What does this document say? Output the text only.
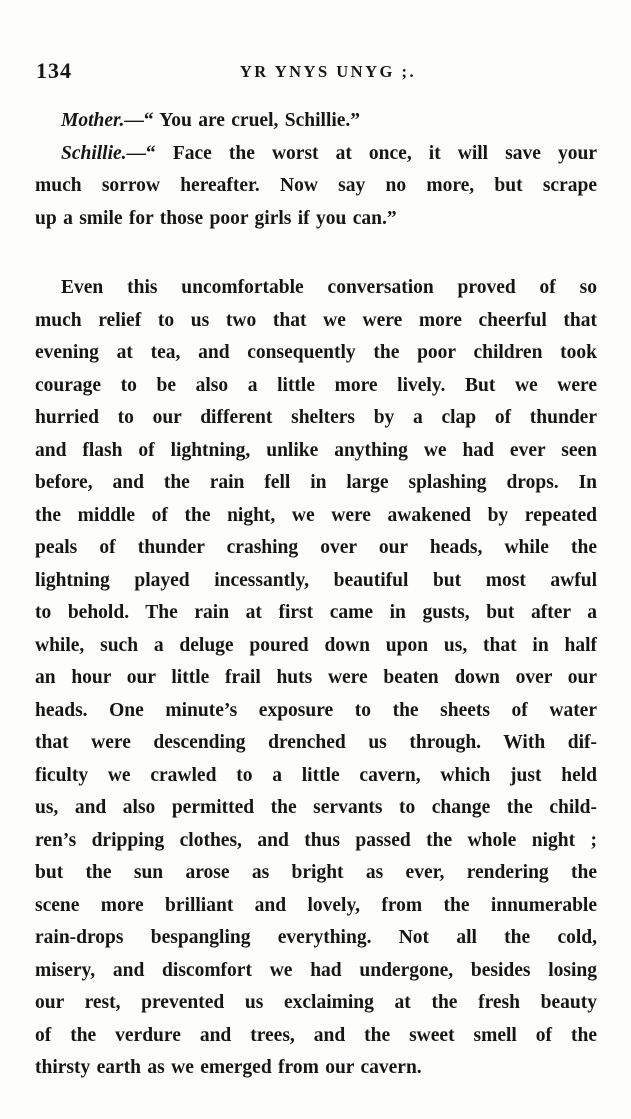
134	YR YNYS UNYG ;.
Mother.—“ You are cruel, Schillie.”
Schillie.—“ Face the worst at once, it will save your
much sorrow hereafter. Now say no more, but scrape
up a smile for those poor girls if you can.”
Even this uncomfortable conversation proved of so
much relief to us two that we were more cheerful that
evening at tea, and consequently the poor children took
courage to be also a little more lively. But we were
hurried to our different shelters by a clap of thunder
and flash of lightning, unlike anything we had ever seen
before, and the rain fell in large splashing drops. In
the middle of the night, we were awakened by repeated
peals of thunder crashing over our heads, while the
lightning played incessantly, beautiful but most awful
to behold. The rain at first came in gusts, but after a
while, such a deluge poured down upon us, that in half
an hour our little frail huts were beaten down over our
heads. One minute’s exposure to the sheets of water
that were descending drenched us through. With dif-
ficulty we crawled to a little cavern, which just held
us, and also permitted the servants to change the child-
ren’s dripping clothes, and thus passed the whole night ;
but the sun arose as bright as ever, rendering the
scene more brilliant and lovely, from the innumerable
rain-drops bespangling everything. Not all the cold,
misery, and discomfort we had undergone, besides losing
our rest, prevented us exclaiming at the fresh beauty
of the verdure and trees, and the sweet smell of the
thirsty earth as we emerged from our cavern.
